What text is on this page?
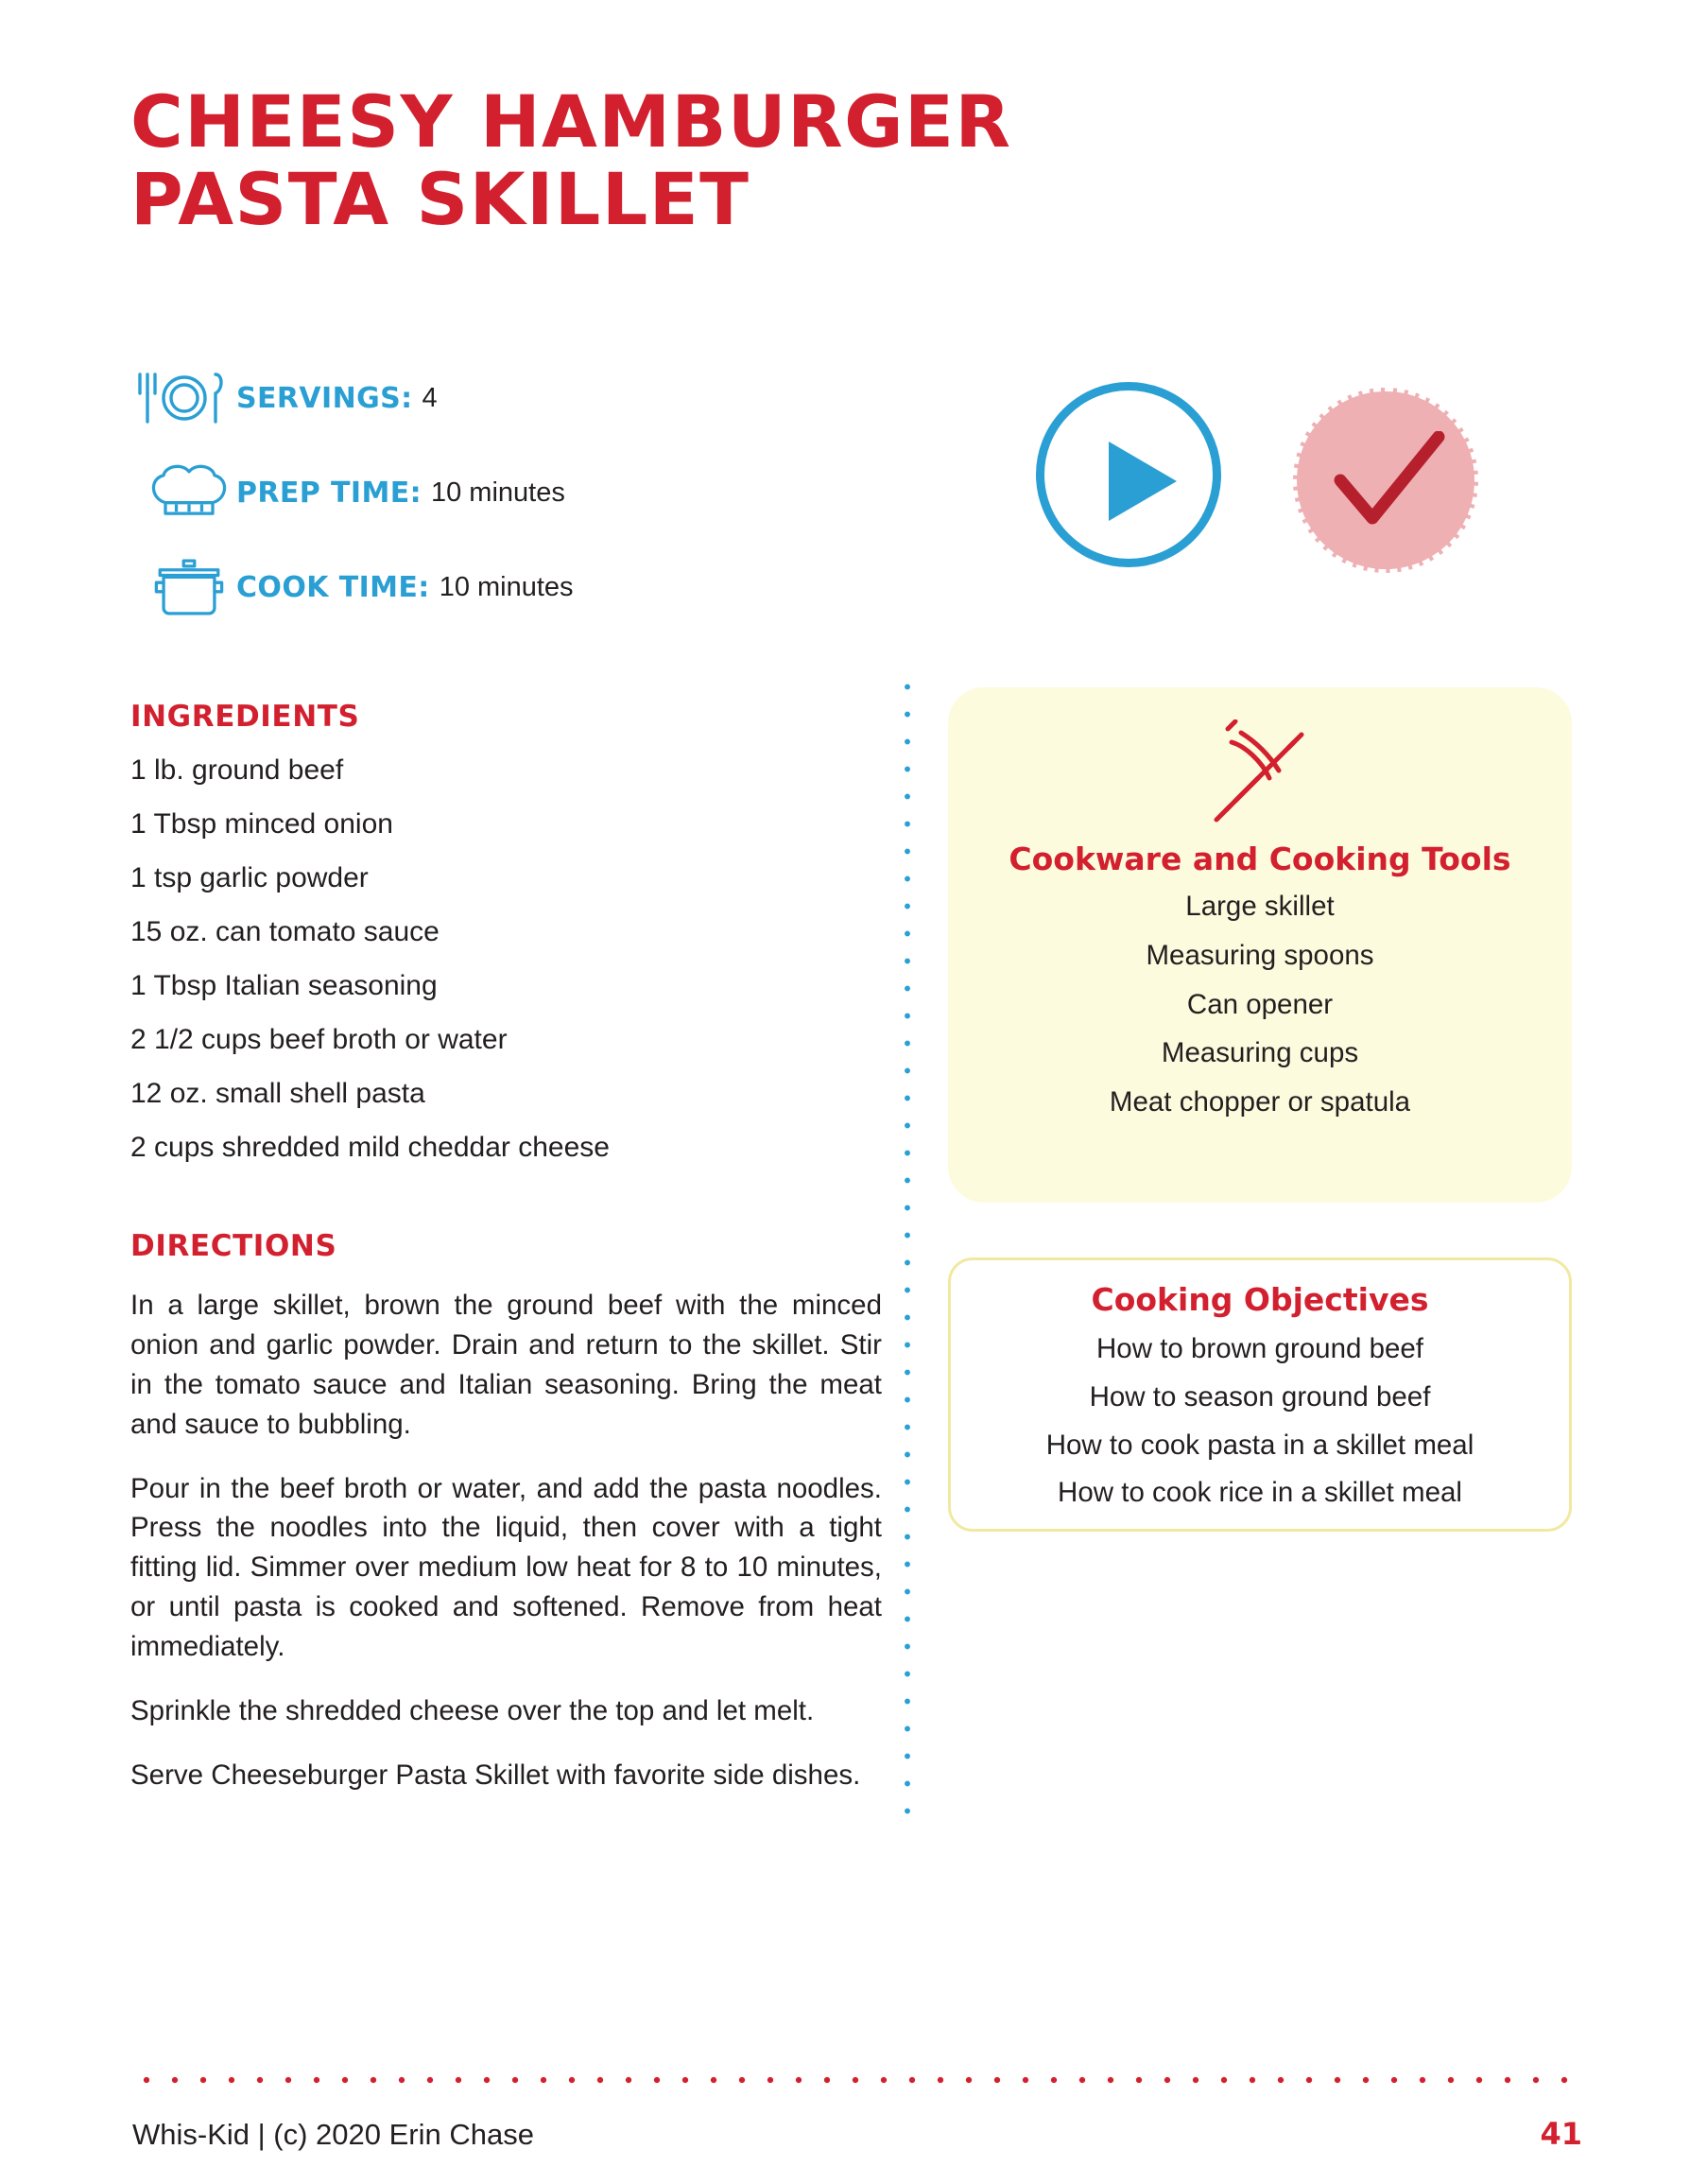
CHEESY HAMBURGER
PASTA SKILLET
SERVINGS: 4
PREP TIME: 10 minutes
COOK TIME: 10 minutes
INGREDIENTS
1 lb. ground beef
1 Tbsp minced onion
1 tsp garlic powder
15 oz. can tomato sauce
1 Tbsp Italian seasoning
2 1/2 cups beef broth or water
12 oz. small shell pasta
2 cups shredded mild cheddar cheese
DIRECTIONS

In a large skillet, brown the ground beef with the minced onion and garlic powder. Drain and return to the skillet. Stir in the tomato sauce and Italian seasoning. Bring the meat and sauce to bubbling.

Pour in the beef broth or water, and add the pasta noodles. Press the noodles into the liquid, then cover with a tight fitting lid. Simmer over medium low heat for 8 to 10 minutes, or until pasta is cooked and softened. Remove from heat immediately.

Sprinkle the shredded cheese over the top and let melt.

Serve Cheeseburger Pasta Skillet with favorite side dishes.

Cookware and Cooking Tools
Large skillet
Measuring spoons
Can opener
Measuring cups
Meat chopper or spatula
Cooking Objectives
How to brown ground beef
How to season ground beef
How to cook pasta in a skillet meal
How to cook rice in a skillet meal
Whis-Kid | (c) 2020 Erin Chase	41
